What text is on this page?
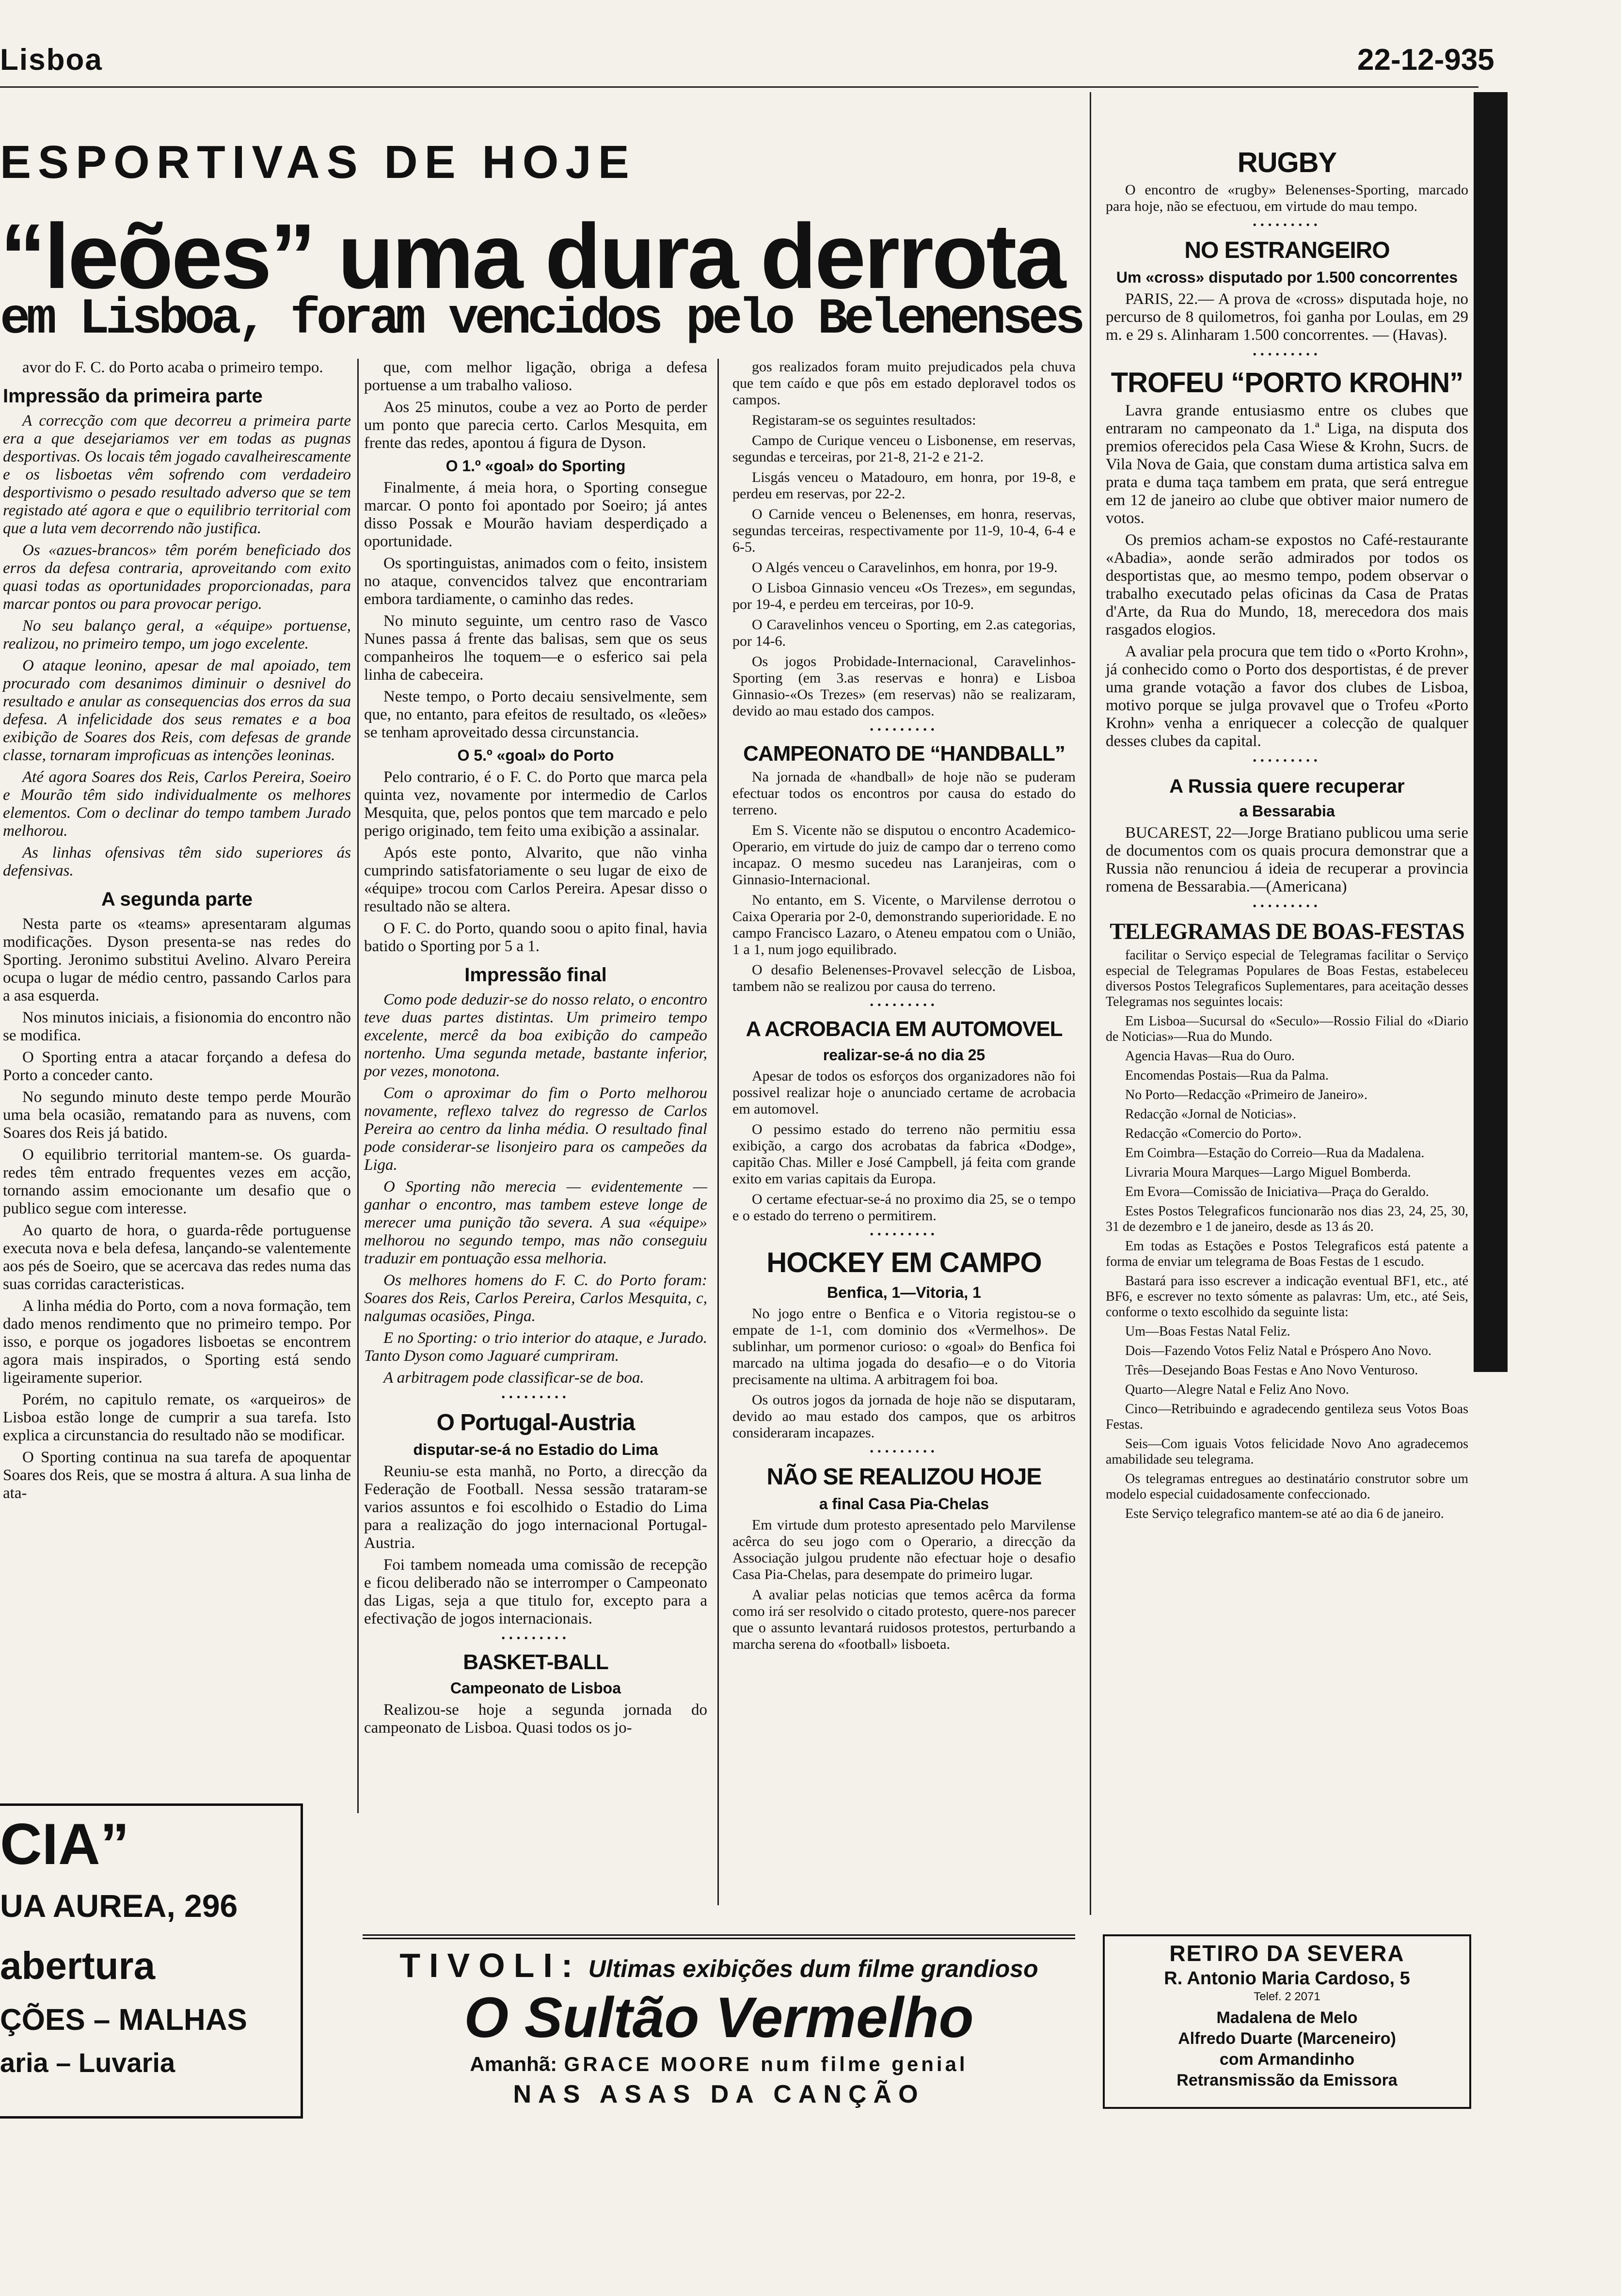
Lisboa	22-12-935
ESPORTIVAS DE HOJE
“leões” uma dura derrota
em Lisboa, foram vencidos pelo Belenenses

avor do F. C. do Porto acaba o primeiro tempo.

Impressão da primeira parte

A correcção com que decorreu a primeira parte era a que desejariamos ver em todas as pugnas desportivas. Os locais têm jogado cavalheirescamente e os lisboetas vêm sofrendo com verdadeiro desportivismo o pesado resultado adverso que se tem registado até agora e que o equilibrio territorial com que a luta vem decorrendo não justifica.

Os «azues-brancos» têm porém beneficiado dos erros da defesa contraria, aproveitando com exito quasi todas as oportunidades proporcionadas, para marcar pontos ou para provocar perigo.

No seu balanço geral, a «équipe» portuense, realizou, no primeiro tempo, um jogo excelente.

O ataque leonino, apesar de mal apoiado, tem procurado com desanimos diminuir o desnivel do resultado e anular as consequencias dos erros da sua defesa. A infelicidade dos seus remates e a boa exibição de Soares dos Reis, com defesas de grande classe, tornaram improficuas as intenções leoninas.

Até agora Soares dos Reis, Carlos Pereira, Soeiro e Mourão têm sido individualmente os melhores elementos. Com o declinar do tempo tambem Jurado melhorou.

As linhas ofensivas têm sido superiores ás defensivas.

A segunda parte

Nesta parte os «teams» apresentaram algumas modificações. Dyson presenta-se nas redes do Sporting. Jeronimo substitui Avelino. Alvaro Pereira ocupa o lugar de médio centro, passando Carlos para a asa esquerda.

Nos minutos iniciais, a fisionomia do encontro não se modifica.

O Sporting entra a atacar forçando a defesa do Porto a conceder canto.

No segundo minuto deste tempo perde Mourão uma bela ocasião, rematando para as nuvens, com Soares dos Reis já batido.

O equilibrio territorial mantem-se. Os guarda-redes têm entrado frequentes vezes em acção, tornando assim emocionante um desafio que o publico segue com interesse.

Ao quarto de hora, o guarda-rêde portuguense executa nova e bela defesa, lançando-se valentemente aos pés de Soeiro, que se acercava das redes numa das suas corridas caracteristicas.

A linha média do Porto, com a nova formação, tem dado menos rendimento que no primeiro tempo. Por isso, e porque os jogadores lisboetas se encontrem agora mais inspirados, o Sporting está sendo ligeiramente superior.

Porém, no capitulo remate, os «arqueiros» de Lisboa estão longe de cumprir a sua tarefa. Isto explica a circunstancia do resultado não se modificar.

O Sporting continua na sua tarefa de apoquentar Soares dos Reis, que se mostra á altura. A sua linha de ata-

CIA”
UA AUREA, 296
abertura
ÇÕES – MALHAS
aria – Luvaria

que, com melhor ligação, obriga a defesa portuense a um trabalho valioso.

Aos 25 minutos, coube a vez ao Porto de perder um ponto que parecia certo. Carlos Mesquita, em frente das redes, apontou á figura de Dyson.

O 1.º «goal» do Sporting

Finalmente, á meia hora, o Sporting consegue marcar. O ponto foi apontado por Soeiro; já antes disso Possak e Mourão haviam desperdiçado a oportunidade.

Os sportinguistas, animados com o feito, insistem no ataque, convencidos talvez que encontrariam embora tardiamente, o caminho das redes.

No minuto seguinte, um centro raso de Vasco Nunes passa á frente das balisas, sem que os seus companheiros lhe toquem—e o esferico sai pela linha de cabeceira.

Neste tempo, o Porto decaiu sensivelmente, sem que, no entanto, para efeitos de resultado, os «leões» se tenham aproveitado dessa circunstancia.

O 5.º «goal» do Porto

Pelo contrario, é o F. C. do Porto que marca pela quinta vez, novamente por intermedio de Carlos Mesquita, que, pelos pontos que tem marcado e pelo perigo originado, tem feito uma exibição a assinalar.

Após este ponto, Alvarito, que não vinha cumprindo satisfatoriamente o seu lugar de eixo de «équipe» trocou com Carlos Pereira. Apesar disso o resultado não se altera.

O F. C. do Porto, quando soou o apito final, havia batido o Sporting por 5 a 1.

Impressão final

Como pode deduzir-se do nosso relato, o encontro teve duas partes distintas. Um primeiro tempo excelente, mercê da boa exibição do campeão nortenho. Uma segunda metade, bastante inferior, por vezes, monotona.

Com o aproximar do fim o Porto melhorou novamente, reflexo talvez do regresso de Carlos Pereira ao centro da linha média. O resultado final pode considerar-se lisonjeiro para os campeões da Liga.

O Sporting não merecia — evidentemente — ganhar o encontro, mas tambem esteve longe de merecer uma punição tão severa. A sua «équipe» melhorou no segundo tempo, mas não conseguiu traduzir em pontuação essa melhoria.

Os melhores homens do F. C. do Porto foram: Soares dos Reis, Carlos Pereira, Carlos Mesquita, c, nalgumas ocasiões, Pinga.

E no Sporting: o trio interior do ataque, e Jurado. Tanto Dyson como Jaguaré cumpriram.

A arbitragem pode classificar-se de boa.

•••••••••
O Portugal-Austria
disputar-se-á no Estadio do Lima

Reuniu-se esta manhã, no Porto, a direcção da Federação de Football. Nessa sessão trataram-se varios assuntos e foi escolhido o Estadio do Lima para a realização do jogo internacional Portugal-Austria.

Foi tambem nomeada uma comissão de recepção e ficou deliberado não se interromper o Campeonato das Ligas, seja a que titulo for, excepto para a efectivação de jogos internacionais.

•••••••••
BASKET-BALL
Campeonato de Lisboa

Realizou-se hoje a segunda jornada do campeonato de Lisboa. Quasi todos os jo-

gos realizados foram muito prejudicados pela chuva que tem caído e que pôs em estado deploravel todos os campos.

Registaram-se os seguintes resultados:

Campo de Curique venceu o Lisbonense, em reservas, segundas e terceiras, por 21-8, 21-2 e 21-2.

Lisgás venceu o Matadouro, em honra, por 19-8, e perdeu em reservas, por 22-2.

O Carnide venceu o Belenenses, em honra, reservas, segundas terceiras, respectivamente por 11-9, 10-4, 6-4 e 6-5.

O Algés venceu o Caravelinhos, em honra, por 19-9.

O Lisboa Ginnasio venceu «Os Trezes», em segundas, por 19-4, e perdeu em terceiras, por 10-9.

O Caravelinhos venceu o Sporting, em 2.as categorias, por 14-6.

Os jogos Probidade-Internacional, Caravelinhos-Sporting (em 3.as reservas e honra) e Lisboa Ginnasio-«Os Trezes» (em reservas) não se realizaram, devido ao mau estado dos campos.

•••••••••
CAMPEONATO DE “HANDBALL”

Na jornada de «handball» de hoje não se puderam efectuar todos os encontros por causa do estado do terreno.

Em S. Vicente não se disputou o encontro Academico-Operario, em virtude do juiz de campo dar o terreno como incapaz. O mesmo sucedeu nas Laranjeiras, com o Ginnasio-Internacional.

No entanto, em S. Vicente, o Marvilense derrotou o Caixa Operaria por 2-0, demonstrando superioridade. E no campo Francisco Lazaro, o Ateneu empatou com o União, 1 a 1, num jogo equilibrado.

O desafio Belenenses-Provavel selecção de Lisboa, tambem não se realizou por causa do terreno.

•••••••••
A ACROBACIA EM AUTOMOVEL
realizar-se-á no dia 25

Apesar de todos os esforços dos organizadores não foi possivel realizar hoje o anunciado certame de acrobacia em automovel.

O pessimo estado do terreno não permitiu essa exibição, a cargo dos acrobatas da fabrica «Dodge», capitão Chas. Miller e José Campbell, já feita com grande exito em varias capitais da Europa.

O certame efectuar-se-á no proximo dia 25, se o tempo e o estado do terreno o permitirem.

•••••••••
HOCKEY EM CAMPO
Benfica, 1—Vitoria, 1

No jogo entre o Benfica e o Vitoria registou-se o empate de 1-1, com dominio dos «Vermelhos». De sublinhar, um pormenor curioso: o «goal» do Benfica foi marcado na ultima jogada do desafio—e o do Vitoria precisamente na ultima. A arbitragem foi boa.

Os outros jogos da jornada de hoje não se disputaram, devido ao mau estado dos campos, que os arbitros consideraram incapazes.

•••••••••
NÃO SE REALIZOU HOJE
a final Casa Pia-Chelas

Em virtude dum protesto apresentado pelo Marvilense acêrca do seu jogo com o Operario, a direcção da Associação julgou prudente não efectuar hoje o desafio Casa Pia-Chelas, para desempate do primeiro lugar.

A avaliar pelas noticias que temos acêrca da forma como irá ser resolvido o citado protesto, quere-nos parecer que o assunto levantará ruidosos protestos, perturbando a marcha serena do «football» lisboeta.

RUGBY

O encontro de «rugby» Belenenses-Sporting, marcado para hoje, não se efectuou, em virtude do mau tempo.

•••••••••
NO ESTRANGEIRO
Um «cross» disputado por 1.500 concorrentes

PARIS, 22.— A prova de «cross» disputada hoje, no percurso de 8 quilometros, foi ganha por Loulas, em 29 m. e 29 s. Alinharam 1.500 concorrentes. — (Havas).

•••••••••
TROFEU “PORTO KROHN”

Lavra grande entusiasmo entre os clubes que entraram no campeonato da 1.ª Liga, na disputa dos premios oferecidos pela Casa Wiese & Krohn, Sucrs. de Vila Nova de Gaia, que constam duma artistica salva em prata e duma taça tambem em prata, que será entregue em 12 de janeiro ao clube que obtiver maior numero de votos.

Os premios acham-se expostos no Café-restaurante «Abadia», aonde serão admirados por todos os desportistas que, ao mesmo tempo, podem observar o trabalho executado pelas oficinas da Casa de Pratas d'Arte, da Rua do Mundo, 18, merecedora dos mais rasgados elogios.

A avaliar pela procura que tem tido o «Porto Krohn», já conhecido como o Porto dos desportistas, é de prever uma grande votação a favor dos clubes de Lisboa, motivo porque se julga provavel que o Trofeu «Porto Krohn» venha a enriquecer a colecção de qualquer desses clubes da capital.

•••••••••
A Russia quere recuperar
a Bessarabia

BUCAREST, 22—Jorge Bratiano publicou uma serie de documentos com os quais procura demonstrar que a Russia não renunciou á ideia de recuperar a provincia romena de Bessarabia.—(Americana)

•••••••••
TELEGRAMAS DE BOAS-FESTAS

facilitar o Serviço especial de Telegramas facilitar o Serviço especial de Telegramas Populares de Boas Festas, estabeleceu diversos Postos Telegraficos Suplementares, para aceitação desses Telegramas nos seguintes locais:

Em Lisboa—Sucursal do «Seculo»—Rossio Filial do «Diario de Noticias»—Rua do Mundo.

Agencia Havas—Rua do Ouro.

Encomendas Postais—Rua da Palma.

No Porto—Redacção «Primeiro de Janeiro».

Redacção «Jornal de Noticias».

Redacção «Comercio do Porto».

Em Coimbra—Estação do Correio—Rua da Madalena.

Livraria Moura Marques—Largo Miguel Bomberda.

Em Evora—Comissão de Iniciativa—Praça do Geraldo.

Estes Postos Telegraficos funcionarão nos dias 23, 24, 25, 30, 31 de dezembro e 1 de janeiro, desde as 13 ás 20.

Em todas as Estações e Postos Telegraficos está patente a forma de enviar um telegrama de Boas Festas de 1 escudo.

Bastará para isso escrever a indicação eventual BF1, etc., até BF6, e escrever no texto sómente as palavras: Um, etc., até Seis, conforme o texto escolhido da seguinte lista:

Um—Boas Festas Natal Feliz.

Dois—Fazendo Votos Feliz Natal e Próspero Ano Novo.

Três—Desejando Boas Festas e Ano Novo Venturoso.

Quarto—Alegre Natal e Feliz Ano Novo.

Cinco—Retribuindo e agradecendo gentileza seus Votos Boas Festas.

Seis—Com iguais Votos felicidade Novo Ano agradecemos amabilidade seu telegrama.

Os telegramas entregues ao destinatário construtor sobre um modelo especial cuidadosamente confeccionado.

Este Serviço telegrafico mantem-se até ao dia 6 de janeiro.

TIVOLI: Ultimas exibições dum filme grandioso
O Sultão Vermelho
Amanhã: GRACE MOORE num filme genial
NAS ASAS DA CANÇÃO
RETIRO DA SEVERA
R. Antonio Maria Cardoso, 5
Telef. 2 2071
Madalena de Melo
Alfredo Duarte (Marceneiro)
com Armandinho
Retransmissão da Emissora
